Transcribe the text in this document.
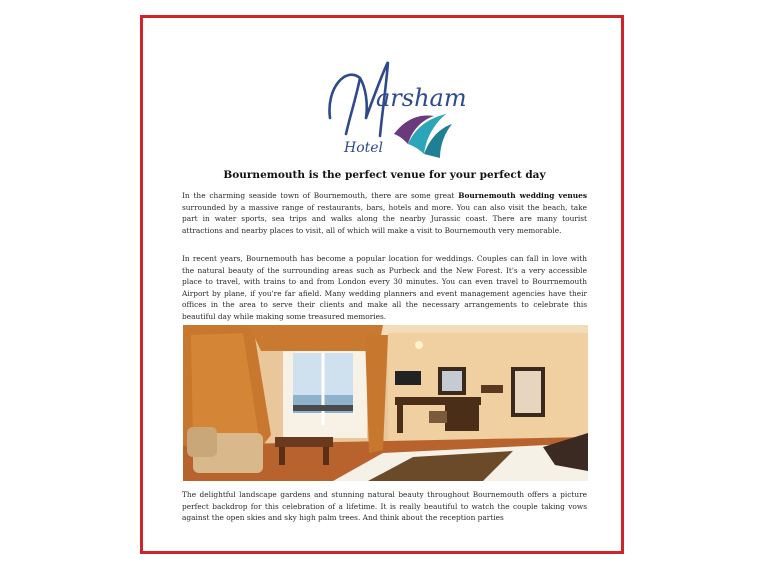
arsham
Hotel
Bournemouth is the perfect venue for your perfect day

In the charming seaside town of Bournemouth, there are some great Bournemouth wedding venues surrounded by a massive range of restaurants, bars, hotels and more. You can also visit the beach, take part in water sports, sea trips and walks along the nearby Jurassic coast. There are many tourist attractions and nearby places to visit, all of which will make a visit to Bournemouth very memorable.

In recent years, Bournemouth has become a popular location for weddings. Couples can fall in love with the natural beauty of the surrounding areas such as Purbeck and the New Forest. It's a very accessible place to travel, with trains to and from London every 30 minutes. You can even travel to Bourrnemouth Airport by plane, if you're far afield. Many wedding planners and event management agencies have their offices in the area to serve their clients and make all the necessary arrangements to celebrate this beautiful day while making some treasured memories.

The delightful landscape gardens and stunning natural beauty throughout Bournemouth offers a picture perfect backdrop for this celebration of a lifetime. It is really beautiful to watch the couple taking vows against the open skies and sky high palm trees. And think about the reception parties
